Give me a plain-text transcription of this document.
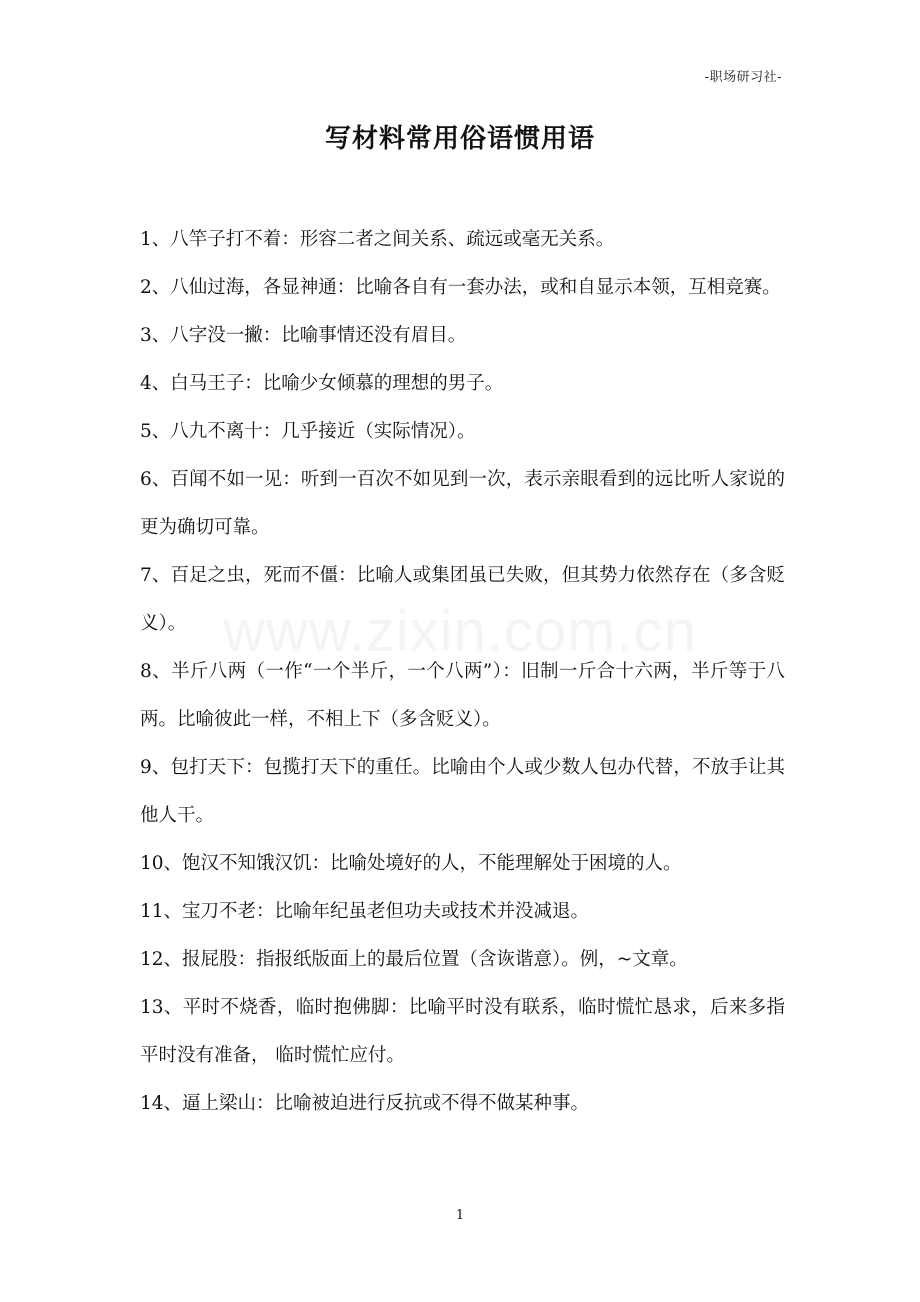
-职场研习社-
写材料常用俗语惯用语
www.zixin.com.cn
1、八竿子打不着：形容二者之间关系、疏远或毫无关系。
2、八仙过海，各显神通：比喻各自有一套办法，或和自显示本领，互相竞赛。
3、八字没一撇：比喻事情还没有眉目。
4、白马王子：比喻少女倾慕的理想的男子。
5、八九不离十：几乎接近（实际情况）。
6、百闻不如一见：听到一百次不如见到一次，表示亲眼看到的远比听人家说的更为确切可靠。
7、百足之虫，死而不僵：比喻人或集团虽已失败，但其势力依然存在（多含贬义）。
8、半斤八两（一作“一个半斤，一个八两”）：旧制一斤合十六两，半斤等于八两。比喻彼此一样，不相上下（多含贬义）。
9、包打天下：包揽打天下的重任。比喻由个人或少数人包办代替，不放手让其他人干。
10、饱汉不知饿汉饥：比喻处境好的人，不能理解处于困境的人。
11、宝刀不老：比喻年纪虽老但功夫或技术并没减退。
12、报屁股：指报纸版面上的最后位置（含诙谐意）。例，~文章。
13、平时不烧香，临时抱佛脚：比喻平时没有联系，临时慌忙恳求，后来多指平时没有准备， 临时慌忙应付。
14、逼上梁山：比喻被迫进行反抗或不得不做某种事。
1
